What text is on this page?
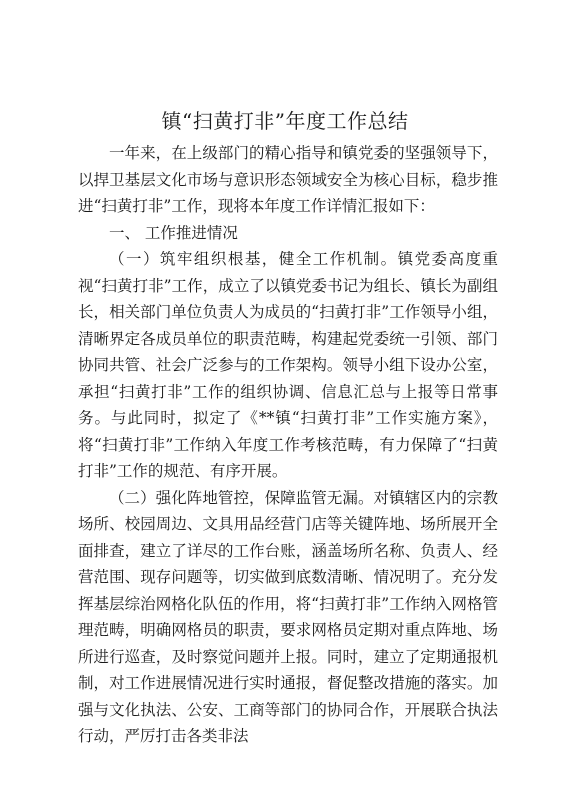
镇“扫黄打非”年度工作总结

一年来，在上级部门的精心指导和镇党委的坚强领导下，以捍卫基层文化市场与意识形态领域安全为核心目标，稳步推进“扫黄打非”工作，现将本年度工作详情汇报如下：

一、 工作推进情况

（一）筑牢组织根基，健全工作机制。镇党委高度重视“扫黄打非”工作，成立了以镇党委书记为组长、镇长为副组长，相关部门单位负责人为成员的“扫黄打非”工作领导小组，清晰界定各成员单位的职责范畴，构建起党委统一引领、部门协同共管、社会广泛参与的工作架构。领导小组下设办公室，承担“扫黄打非”工作的组织协调、信息汇总与上报等日常事务。与此同时，拟定了《**镇“扫黄打非”工作实施方案》，将“扫黄打非”工作纳入年度工作考核范畴，有力保障了“扫黄打非”工作的规范、有序开展。

（二）强化阵地管控，保障监管无漏。对镇辖区内的宗教场所、校园周边、文具用品经营门店等关键阵地、场所展开全面排查，建立了详尽的工作台账，涵盖场所名称、负责人、经营范围、现存问题等，切实做到底数清晰、情况明了。充分发挥基层综治网格化队伍的作用，将“扫黄打非”工作纳入网格管理范畴，明确网格员的职责，要求网格员定期对重点阵地、场所进行巡查，及时察觉问题并上报。同时，建立了定期通报机制，对工作进展情况进行实时通报，督促整改措施的落实。加强与文化执法、公安、工商等部门的协同合作，开展联合执法行动，严厉打击各类非法
